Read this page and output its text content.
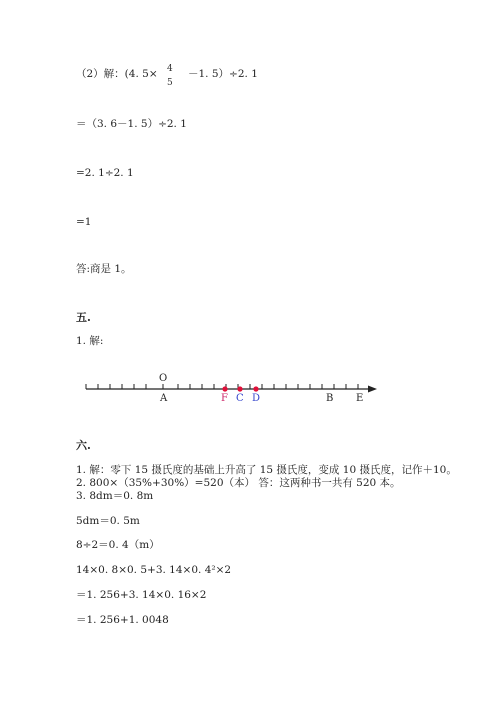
（2）解：(4. 5× 4
5
－1. 5）÷2. 1
＝（3. 6－1. 5）÷2. 1
=2. 1÷2. 1
=1
答:商是 1。
五.
1. 解:
O
A	F C D	B E
六.
1. 解：零下 15 摄氏度的基础上升高了 15 摄氏度，变成 10 摄氏度，记作＋10。
2. 800×（35%+30%）=520（本） 答：这两种书一共有 520 本。
3. 8dm＝0. 8m
5dm＝0. 5m
8÷2＝0. 4（m）
14×0. 8×0. 5+3. 14×0. 4²×2
＝1. 256+3. 14×0. 16×2
＝1. 256+1. 0048
